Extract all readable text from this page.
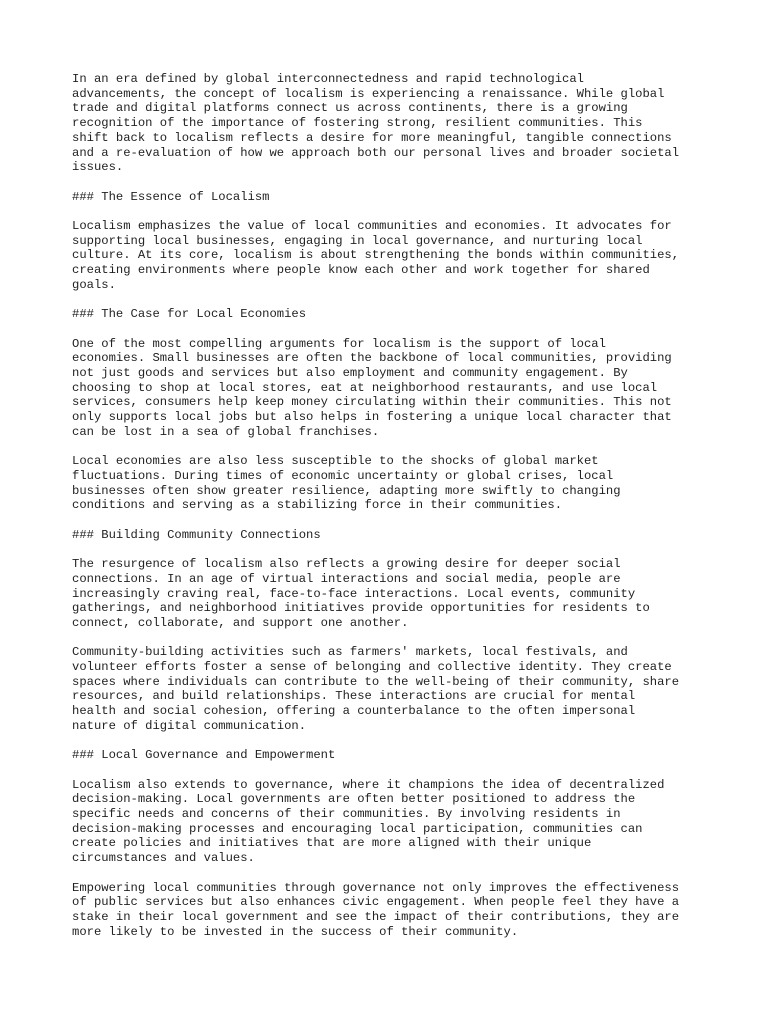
In an era defined by global interconnectedness and rapid technological
advancements, the concept of localism is experiencing a renaissance. While global
trade and digital platforms connect us across continents, there is a growing
recognition of the importance of fostering strong, resilient communities. This
shift back to localism reflects a desire for more meaningful, tangible connections
and a re-evaluation of how we approach both our personal lives and broader societal
issues.

### The Essence of Localism

Localism emphasizes the value of local communities and economies. It advocates for
supporting local businesses, engaging in local governance, and nurturing local
culture. At its core, localism is about strengthening the bonds within communities,
creating environments where people know each other and work together for shared
goals.

### The Case for Local Economies

One of the most compelling arguments for localism is the support of local
economies. Small businesses are often the backbone of local communities, providing
not just goods and services but also employment and community engagement. By
choosing to shop at local stores, eat at neighborhood restaurants, and use local
services, consumers help keep money circulating within their communities. This not
only supports local jobs but also helps in fostering a unique local character that
can be lost in a sea of global franchises.

Local economies are also less susceptible to the shocks of global market
fluctuations. During times of economic uncertainty or global crises, local
businesses often show greater resilience, adapting more swiftly to changing
conditions and serving as a stabilizing force in their communities.

### Building Community Connections

The resurgence of localism also reflects a growing desire for deeper social
connections. In an age of virtual interactions and social media, people are
increasingly craving real, face-to-face interactions. Local events, community
gatherings, and neighborhood initiatives provide opportunities for residents to
connect, collaborate, and support one another.

Community-building activities such as farmers' markets, local festivals, and
volunteer efforts foster a sense of belonging and collective identity. They create
spaces where individuals can contribute to the well-being of their community, share
resources, and build relationships. These interactions are crucial for mental
health and social cohesion, offering a counterbalance to the often impersonal
nature of digital communication.

### Local Governance and Empowerment

Localism also extends to governance, where it champions the idea of decentralized
decision-making. Local governments are often better positioned to address the
specific needs and concerns of their communities. By involving residents in
decision-making processes and encouraging local participation, communities can
create policies and initiatives that are more aligned with their unique
circumstances and values.

Empowering local communities through governance not only improves the effectiveness
of public services but also enhances civic engagement. When people feel they have a
stake in their local government and see the impact of their contributions, they are
more likely to be invested in the success of their community.
